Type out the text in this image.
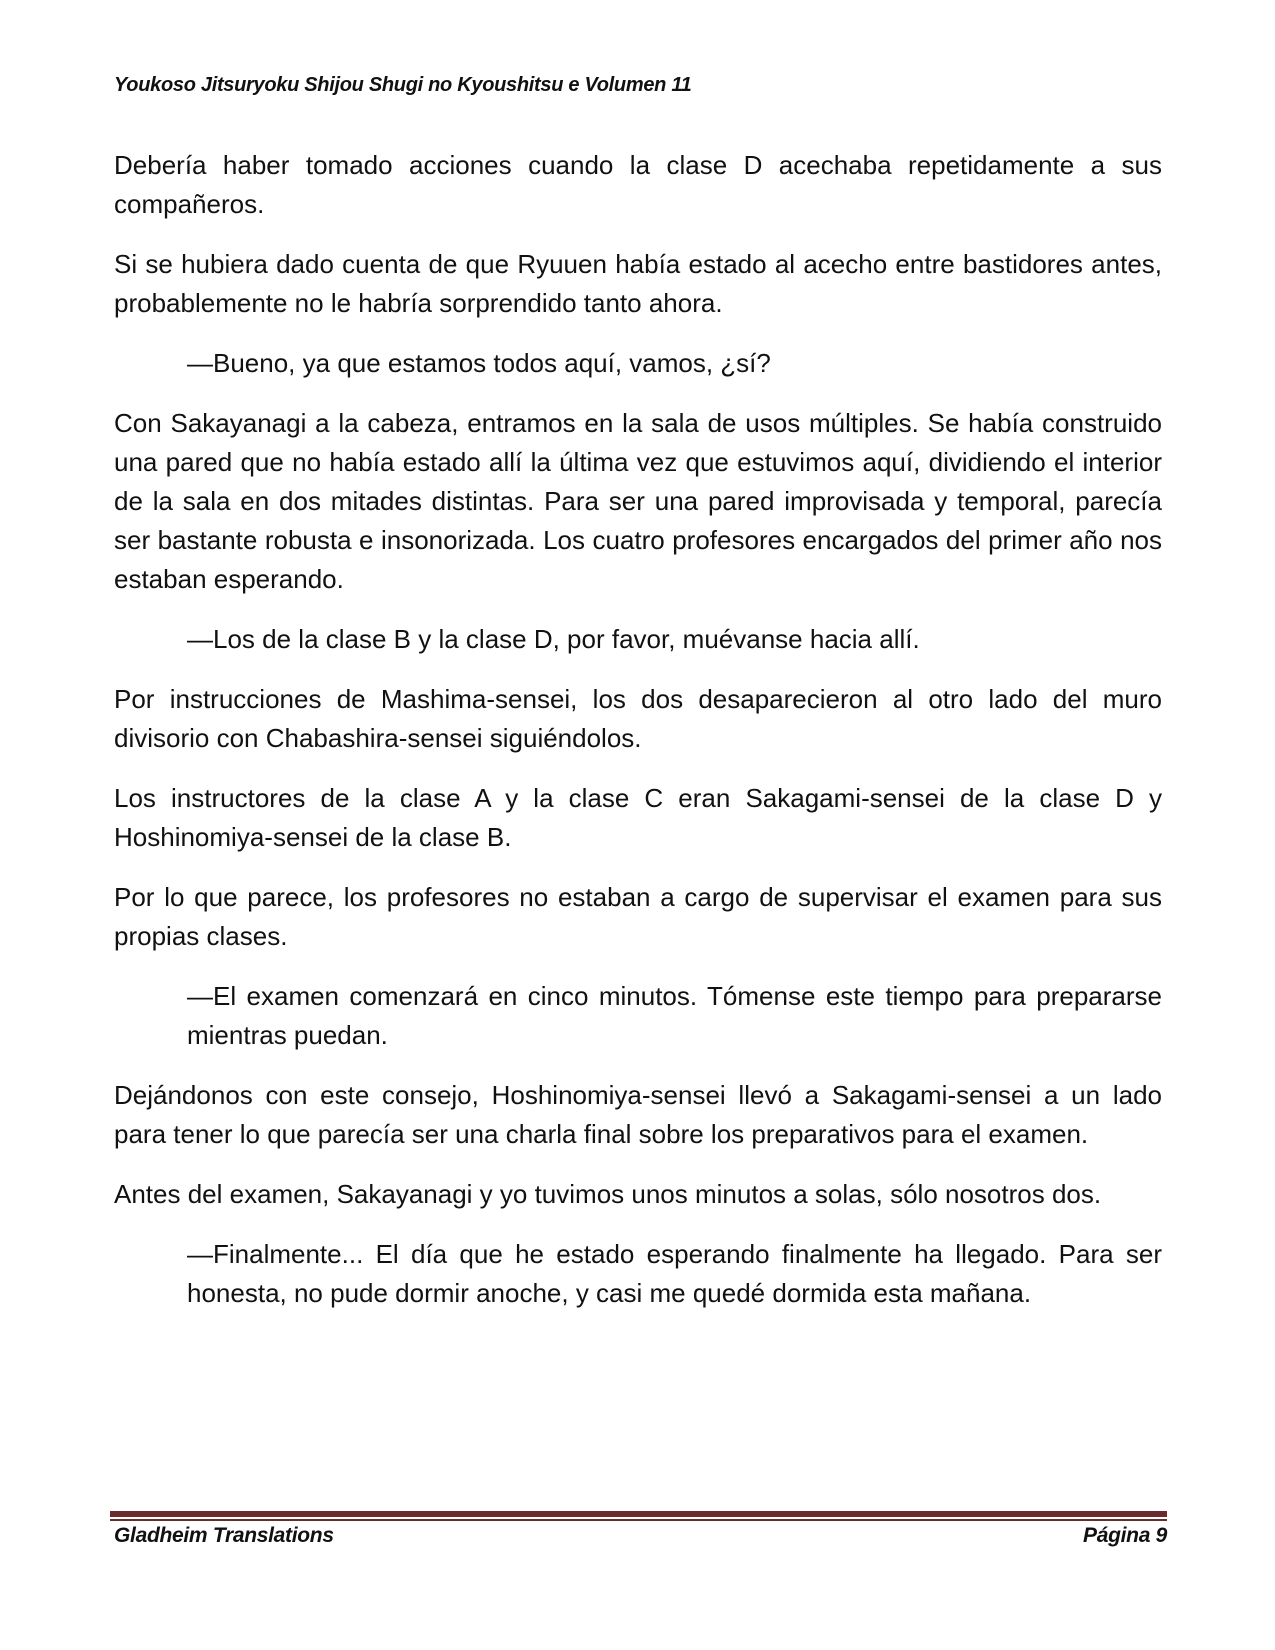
Youkoso Jitsuryoku Shijou Shugi no Kyoushitsu e Volumen 11

Debería haber tomado acciones cuando la clase D acechaba repetidamente a sus compañeros.

Si se hubiera dado cuenta de que Ryuuen había estado al acecho entre bastidores antes, probablemente no le habría sorprendido tanto ahora.

—Bueno, ya que estamos todos aquí, vamos, ¿sí?

Con Sakayanagi a la cabeza, entramos en la sala de usos múltiples. Se había construido una pared que no había estado allí la última vez que estuvimos aquí, dividiendo el interior de la sala en dos mitades distintas. Para ser una pared improvisada y temporal, parecía ser bastante robusta e insonorizada. Los cuatro profesores encargados del primer año nos estaban esperando.

—Los de la clase B y la clase D, por favor, muévanse hacia allí.

Por instrucciones de Mashima-sensei, los dos desaparecieron al otro lado del muro divisorio con Chabashira-sensei siguiéndolos.

Los instructores de la clase A y la clase C eran Sakagami-sensei de la clase D y Hoshinomiya-sensei de la clase B.

Por lo que parece, los profesores no estaban a cargo de supervisar el examen para sus propias clases.

—El examen comenzará en cinco minutos. Tómense este tiempo para prepararse mientras puedan.

Dejándonos con este consejo, Hoshinomiya-sensei llevó a Sakagami-sensei a un lado para tener lo que parecía ser una charla final sobre los preparativos para el examen.

Antes del examen, Sakayanagi y yo tuvimos unos minutos a solas, sólo nosotros dos.

—Finalmente... El día que he estado esperando finalmente ha llegado. Para ser honesta, no pude dormir anoche, y casi me quedé dormida esta mañana.

Gladheim Translations	Página 9
